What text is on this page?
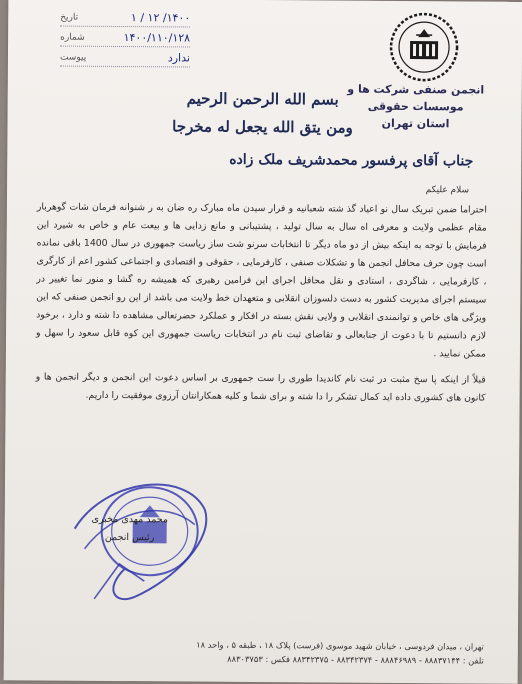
انجمن صنفی شرکت ها و موسسات حقوقی
استان تهران
تاریخ	۱۴۰۰/ ۱۲ / ۱
شماره	۱۴۰۰/۱۱۰/۱۲۸
پیوست	ندارد
بسم الله الرحمن الرحیم
ومن یتق الله یجعل له مخرجا
جناب آقای پرفسور محمدشریف ملک زاده
سلام علیکم

احتراما ضمن تبریک سال نو اعیاد گذ شته شعبانیه و فرار سیدن ماه مبارک ره ضان به ر شنوانه فرمان شات گوهربار مقام عظمی ولایت و معرفی اه سال به سال تولید ، پشتیبانی و مانع زدایی ها و بیعت عام و خاص به شیرد این فرمایش با توجه به اینکه بیش از دو ماه دیگر تا انتخابات سرنو شت ساز ریاست جمهوری در سال 1400 باقی نمانده است چون حرف محافل انجمن ها و تشکلات صنفی ، کارفرمایی ، حقوقی و اقتصادی و اجتماعی کشور اعم از کارگری ، کارفرمایی ، شاگردی ، استادی و نقل محافل اجرای این فرامین رهبری که همیشه ره گشا و منور نما تغییر در سیستم اجرای مدیریت کشور به دست دلسوزان انقلابی و متعهدان خط ولایت می باشد از این رو انجمن صنفی که این ویژگی های خاص و توانمندی انقلابی و ولایی نقش بسته در افکار و عملکرد حضرتعالی مشاهده دا شته و دارد ، برخود لازم دانستیم تا با دعوت از جنابعالی و تقاضای ثبت نام در انتخابات ریاست جمهوری این کوه قابل سعود را سهل و ممکن نمایید .

قبلاً از اینکه پا سخ مثبت در ثبت نام کاندیدا طوری را ست جمهوری بر اساس دعوت این انجمن و دیگر انجمن ها و کانون های کشوری داده اید کمال تشکر را دا شته و برای شما و کلیه همکارانتان آرزوی موفقیت را داریم.

محمد مهدی مخبری
رئیس انجمن
تهران ، میدان فردوسی ، خیابان شهید موسوی (فرست) پلاک ۱۸ ، طبقه ۵ ، واحد ۱۸
تلفن : ۸۸۸۳۷۱۴۴ - ۸۸۸۴۶۹۸۹ - ۸۸۳۴۲۳۷۴ - ۸۸۳۴۲۳۷۵ فکس : ۸۸۳۰۳۷۵۳
